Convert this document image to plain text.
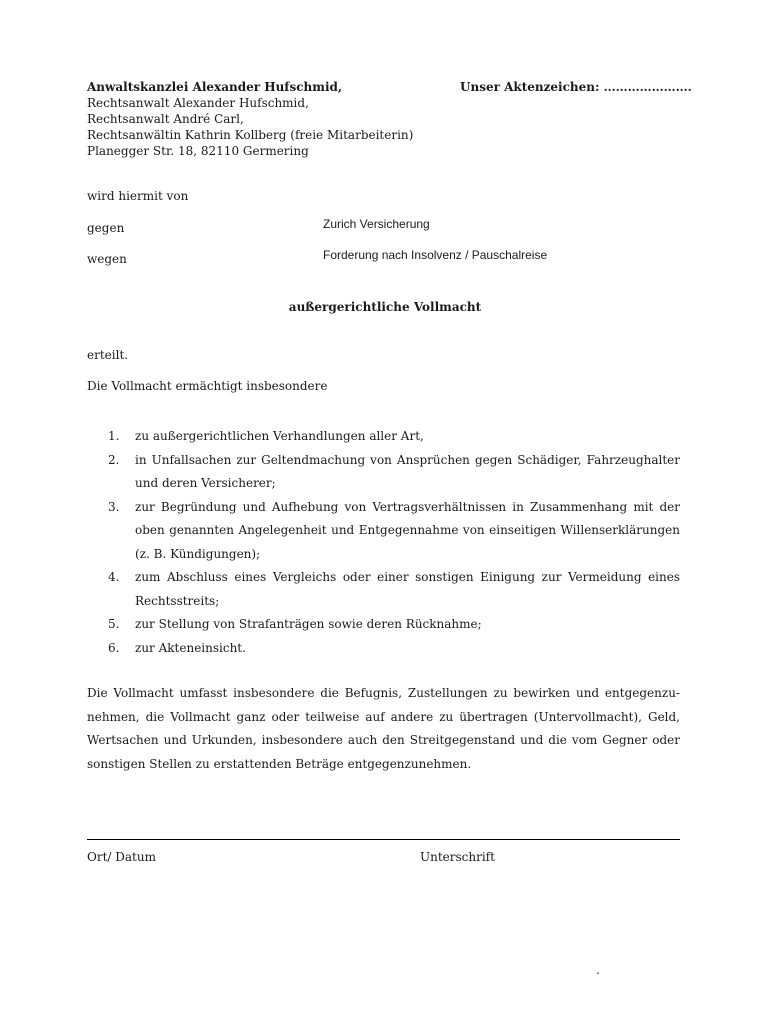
Anwaltskanzlei Alexander Hufschmid,	Unser Aktenzeichen: ………………….
Rechtsanwalt Alexander Hufschmid,
Rechtsanwalt André Carl,
Rechtsanwältin Kathrin Kollberg (freie Mitarbeiterin)
Planegger Str. 18, 82110 Germering
wird hiermit von
gegen	Zurich Versicherung
wegen	Forderung nach Insolvenz / Pauschalreise
außergerichtliche Vollmacht
erteilt.
Die Vollmacht ermächtigt insbesondere
1. zu außergerichtlichen Verhandlungen aller Art,
2. in Unfallsachen zur Geltendmachung von Ansprüchen gegen Schädiger, Fahrzeughalter und deren Versicherer;
3. zur Begründung und Aufhebung von Vertragsverhältnissen in Zusammenhang mit der oben genannten Angelegenheit und Entgegennahme von einseitigen Willenserklärungen (z. B. Kündigungen);
4. zum Abschluss eines Vergleichs oder einer sonstigen Einigung zur Vermeidung eines Rechtsstreits;
5. zur Stellung von Strafanträgen sowie deren Rücknahme;
6. zur Akteneinsicht.

Die Vollmacht umfasst insbesondere die Befugnis, Zustellungen zu bewirken und entgegenzu-nehmen, die Vollmacht ganz oder teilweise auf andere zu übertragen (Untervollmacht), Geld, Wertsachen und Urkunden, insbesondere auch den Streitgegenstand und die vom Gegner oder sonstigen Stellen zu erstattenden Beträge entgegenzunehmen.

Ort/ Datum	Unterschrift
.
